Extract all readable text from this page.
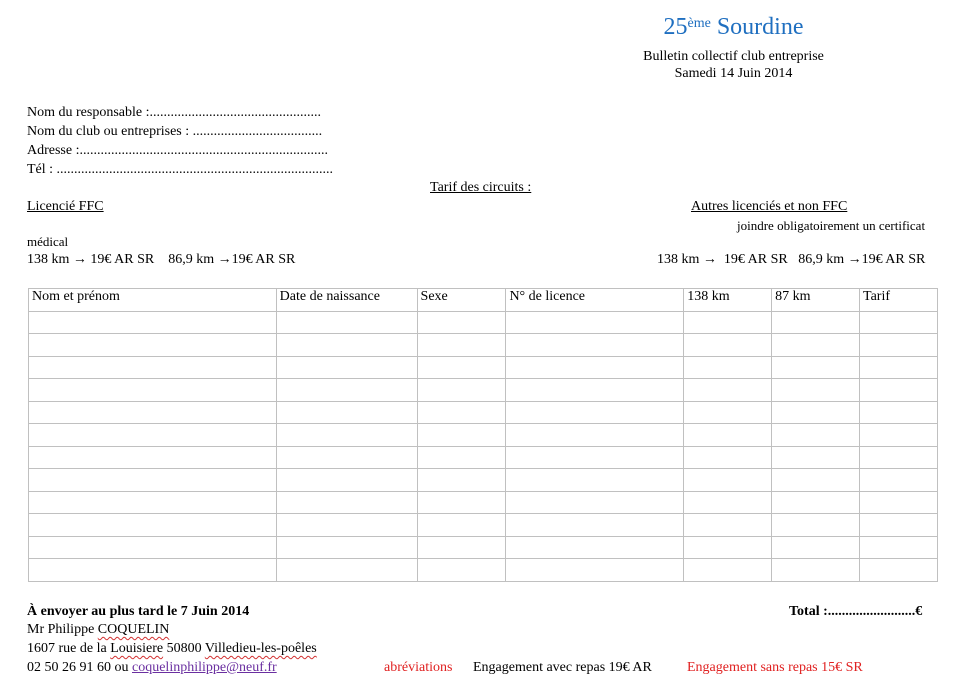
25ème Sourdine
Bulletin collectif club entreprise
Samedi 14 Juin 2014
Nom du responsable :.................................................
Nom du club ou entreprises : .....................................
Adresse :.......................................................................
Tél : ...............................................................................
Tarif des circuits :
Licencié FFC	Autres licenciés et non FFC
joindre obligatoirement un certificat
médical
138 km → 19€ AR SR    86,9 km →19€ AR SR	138 km →  19€ AR SR   86,9 km →19€ AR SR
Nom et prénom	Date de naissance	Sexe	N° de licence	138 km	87 km	Tarif

À envoyer au plus tard le 7 Juin 2014	Total :.........................€
Mr Philippe COQUELIN
1607 rue de la Louisiere 50800 Villedieu-les-poêles
02 50 26 91 60 ou coquelinphilippe@neuf.fr	abréviations Engagement avec repas 19€ AR	Engagement sans repas 15€ SR
